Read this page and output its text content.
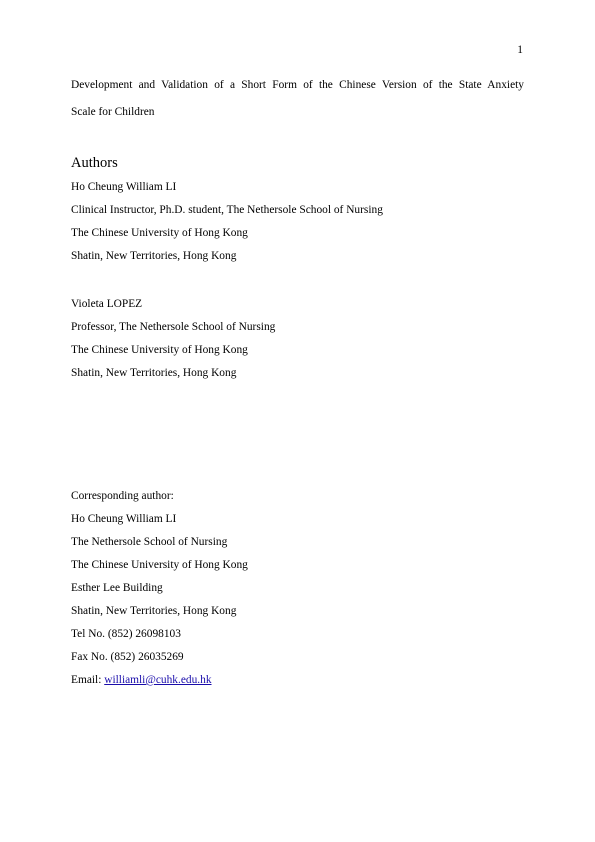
1

Development and Validation of a Short Form of the Chinese Version of the State Anxiety

Scale for Children

Authors

Ho Cheung William LI

Clinical Instructor, Ph.D. student, The Nethersole School of Nursing

The Chinese University of Hong Kong

Shatin, New Territories, Hong Kong

Violeta LOPEZ

Professor, The Nethersole School of Nursing

The Chinese University of Hong Kong

Shatin, New Territories, Hong Kong

Corresponding author:

Ho Cheung William LI

The Nethersole School of Nursing

The Chinese University of Hong Kong

Esther Lee Building

Shatin, New Territories, Hong Kong

Tel No. (852) 26098103

Fax No. (852) 26035269

Email: williamli@cuhk.edu.hk
